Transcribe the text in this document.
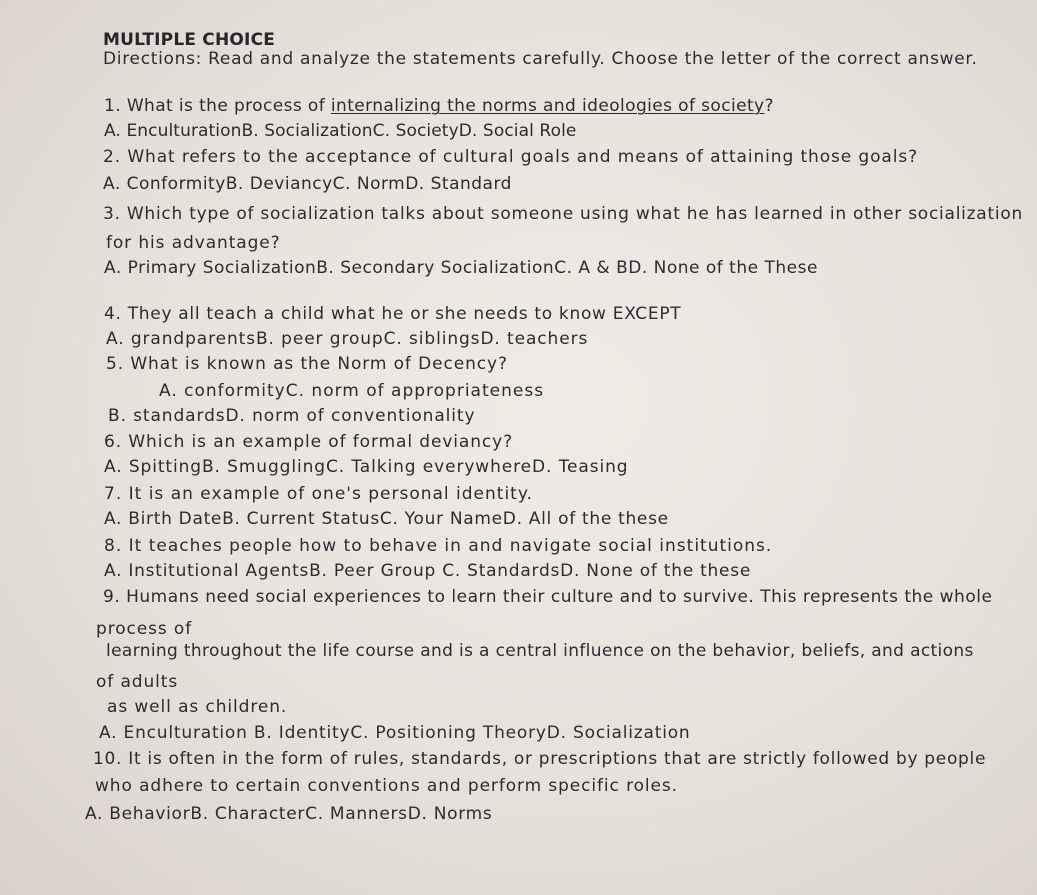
MULTIPLE CHOICE
Directions: Read and analyze the statements carefully. Choose the letter of the correct answer.
1. What is the process of internalizing the norms and ideologies of society?
A. EnculturationB. SocializationC. SocietyD. Social Role
2. What refers to the acceptance of cultural goals and means of attaining those goals?
A. ConformityB. DeviancyC. NormD. Standard
3. Which type of socialization talks about someone using what he has learned in other socialization
for his advantage?
A. Primary SocializationB. Secondary SocializationC. A & BD. None of the These
4. They all teach a child what he or she needs to know EXCEPT
A. grandparentsB. peer groupC. siblingsD. teachers
5. What is known as the Norm of Decency?
A. conformityC. norm of appropriateness
B. standardsD. norm of conventionality
6. Which is an example of formal deviancy?
A. SpittingB. SmugglingC. Talking everywhereD. Teasing
7. It is an example of one's personal identity.
A. Birth DateB. Current StatusC. Your NameD. All of the these
8. It teaches people how to behave in and navigate social institutions.
A. Institutional AgentsB. Peer Group C. StandardsD. None of the these
9. Humans need social experiences to learn their culture and to survive. This represents the whole
process of
learning throughout the life course and is a central influence on the behavior, beliefs, and actions
of adults
as well as children.
A. Enculturation B. IdentityC. Positioning TheoryD. Socialization
10. It is often in the form of rules, standards, or prescriptions that are strictly followed by people
who adhere to certain conventions and perform specific roles.
A. BehaviorB. CharacterC. MannersD. Norms
